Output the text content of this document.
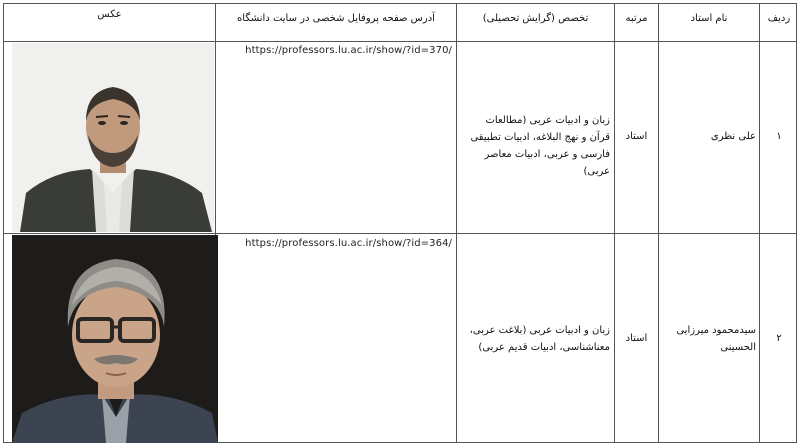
ردیف
نام استاد
مرتبه
تخصص (گرایش تحصیلی)
آدرس صفحه پروفایل شخصی در سایت دانشگاه
عکس
۱
علی نظری
استاد
زبان و ادبیات عربی (مطالعات قرآن و نهج البلاغه، ادبیات تطبیقی فارسی و عربی، ادبیات معاصر عربی)
https://professors.lu.ac.ir/show/?id=370/
۲
سیدمحمود میرزایی الحسینی
استاد
زبان و ادبیات عربی (بلاغت عربی، معناشناسی، ادبیات قدیم عربی)
https://professors.lu.ac.ir/show/?id=364/
